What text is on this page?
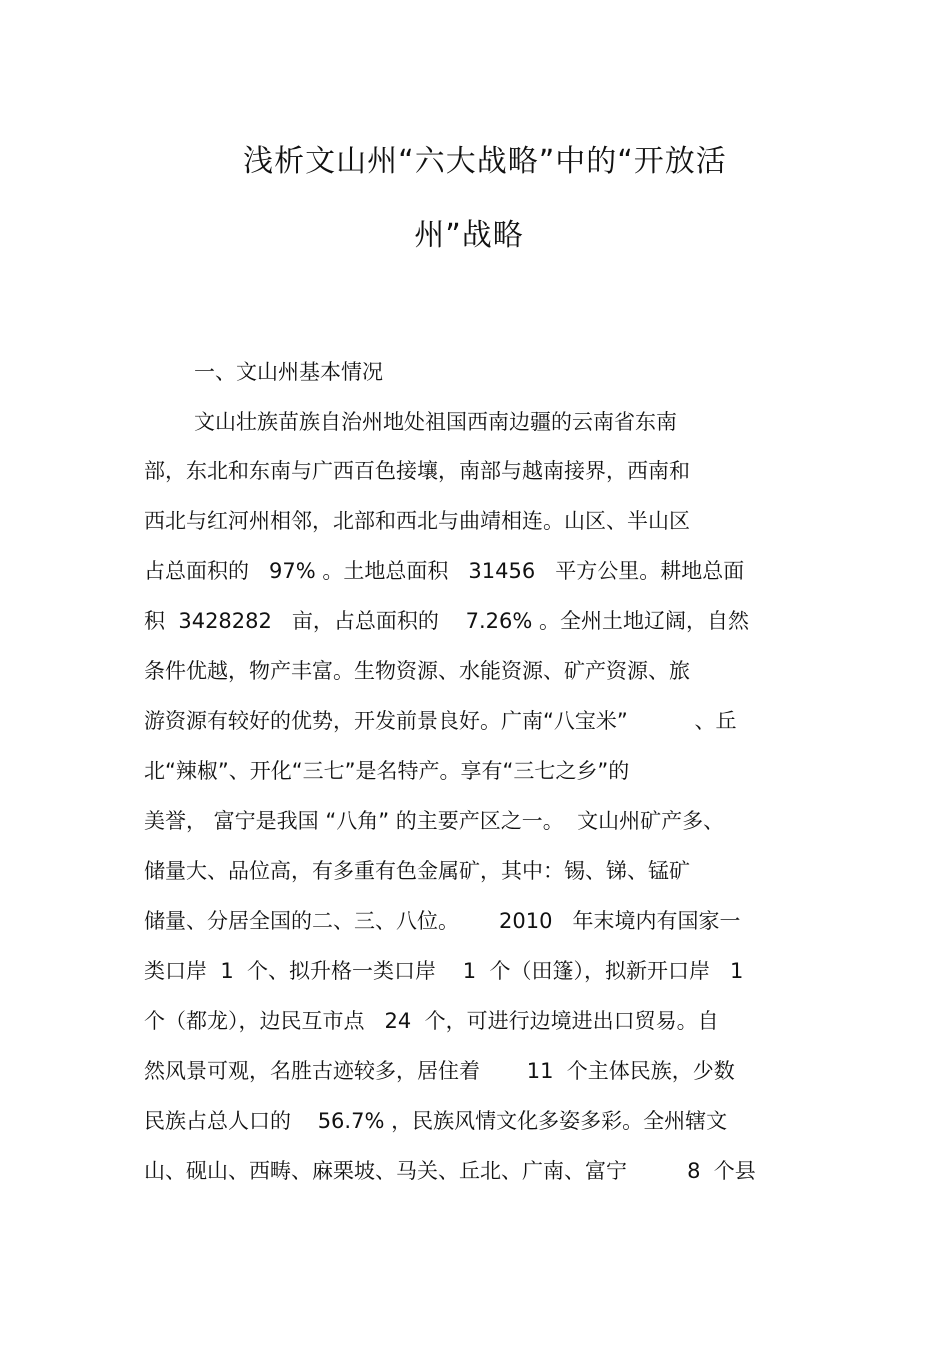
浅析文山州“六大战略”中的“开放活
州”战略
一、文山州基本情况
文山壮族苗族自治州地处祖国西南边疆的云南省东南
部，东北和东南与广西百色接壤，南部与越南接界，西南和
西北与红河州相邻，北部和西北与曲靖相连。山区、半山区
占总面积的   97% 。土地总面积   31456   平方公里。耕地总面
积  3428282   亩，占总面积的    7.26% 。全州土地辽阔，自然
条件优越，物产丰富。生物资源、水能资源、矿产资源、旅
游资源有较好的优势，开发前景良好。广南“八宝米”          、丘
北“辣椒”、开化“三七”是名特产。享有“三七之乡”的
美誉， 富宁是我国 “八角” 的主要产区之一。  文山州矿产多、
储量大、品位高，有多重有色金属矿，其中：锡、锑、锰矿
储量、分居全国的二、三、八位。      2010   年末境内有国家一
类口岸  1  个、拟升格一类口岸    1  个（田篷），拟新开口岸   1
个（都龙），边民互市点   24  个，可进行边境进出口贸易。自
然风景可观，名胜古迹较多，居住着       11  个主体民族，少数
民族占总人口的    56.7% ，民族风情文化多姿多彩。全州辖文
山、砚山、西畴、麻栗坡、马关、丘北、广南、富宁         8  个县
